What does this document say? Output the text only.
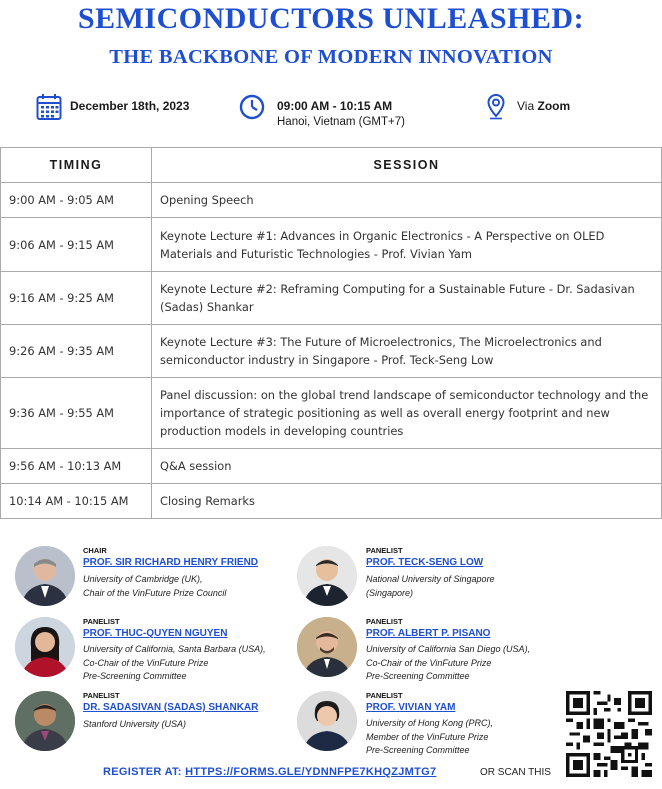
SEMICONDUCTORS UNLEASHED:
THE BACKBONE OF MODERN INNOVATION
December 18th, 2023	09:00 AM - 10:15 AM
Hanoi, Vietnam (GMT+7)
Via Zoom
TIMING	SESSION
9:00 AM - 9:05 AM	Opening Speech
9:06 AM - 9:15 AM	Keynote Lecture #1: Advances in Organic Electronics - A Perspective on OLED Materials and Futuristic Technologies - Prof. Vivian Yam
9:16 AM - 9:25 AM	Keynote Lecture #2: Reframing Computing for a Sustainable Future - Dr. Sadasivan (Sadas) Shankar
9:26 AM - 9:35 AM	Keynote Lecture #3: The Future of Microelectronics, The Microelectronics and semiconductor industry in Singapore - Prof. Teck-Seng Low
9:36 AM - 9:55 AM	Panel discussion: on the global trend landscape of semiconductor technology and the importance of strategic positioning as well as overall energy footprint and new production models in developing countries
9:56 AM - 10:13 AM	Q&A session
10:14 AM - 10:15 AM	Closing Remarks
CHAIR
PROF. SIR RICHARD HENRY FRIEND
University of Cambridge (UK),
Chair of the VinFuture Prize Council
PANELIST
PROF. TECK-SENG LOW
National University of Singapore
(Singapore)
PANELIST
PROF. THUC-QUYEN NGUYEN
University of California, Santa Barbara (USA),
Co-Chair of the VinFuture Prize
Pre-Screening Committee
PANELIST
PROF. ALBERT P. PISANO
University of California San Diego (USA),
Co-Chair of the VinFuture Prize
Pre-Screening Committee
PANELIST
DR. SADASIVAN (SADAS) SHANKAR
Stanford University (USA)
PANELIST
PROF. VIVIAN YAM
University of Hong Kong (PRC),
Member of the VinFuture Prize
Pre-Screening Committee
REGISTER AT: HTTPS://FORMS.GLE/YDNNFPE7KHQZJMTG7	OR SCAN THIS
